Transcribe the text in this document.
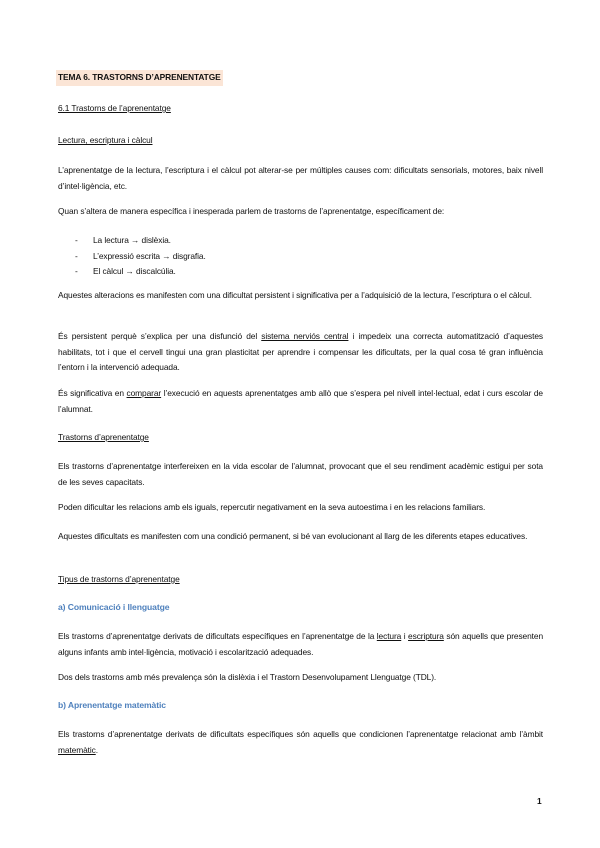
TEMA 6. TRASTORNS D’APRENENTATGE
6.1 Trastorns de l’aprenentatge
Lectura, escriptura i càlcul
L’aprenentatge de la lectura, l’escriptura i el càlcul pot alterar-se per múltiples causes com: dificultats sensorials, motores, baix nivell d’intel·ligència, etc.
Quan s’altera de manera específica i inesperada parlem de trastorns de l’aprenentatge, específicament de:
- La lectura → dislèxia.
- L’expressió escrita → disgrafia.
- El càlcul → discalcúlia.
Aquestes alteracions es manifesten com una dificultat persistent i significativa per a l’adquisició de la lectura, l’escriptura o el càlcul.
És persistent perquè s’explica per una disfunció del sistema nerviós central i impedeix una correcta automatització d’aquestes habilitats, tot i que el cervell tingui una gran plasticitat per aprendre i compensar les dificultats, per la qual cosa té gran influència l’entorn i la intervenció adequada.
És significativa en comparar l’execució en aquests aprenentatges amb allò que s’espera pel nivell intel·lectual, edat i curs escolar de l’alumnat.
Trastorns d’aprenentatge
Els trastorns d’aprenentatge interfereixen en la vida escolar de l’alumnat, provocant que el seu rendiment acadèmic estigui per sota de les seves capacitats.
Poden dificultar les relacions amb els iguals, repercutir negativament en la seva autoestima i en les relacions familiars.
Aquestes dificultats es manifesten com una condició permanent, si bé van evolucionant al llarg de les diferents etapes educatives.
Tipus de trastorns d’aprenentatge
a) Comunicació i llenguatge
Els trastorns d’aprenentatge derivats de dificultats específiques en l’aprenentatge de la lectura i escriptura són aquells que presenten alguns infants amb intel·ligència, motivació i escolarització adequades.
Dos dels trastorns amb més prevalença són la dislèxia i el Trastorn Desenvolupament Llenguatge (TDL).
b) Aprenentatge matemàtic
Els trastorns d’aprenentatge derivats de dificultats específiques són aquells que condicionen l’aprenentatge relacionat amb l’àmbit matemàtic.
1
